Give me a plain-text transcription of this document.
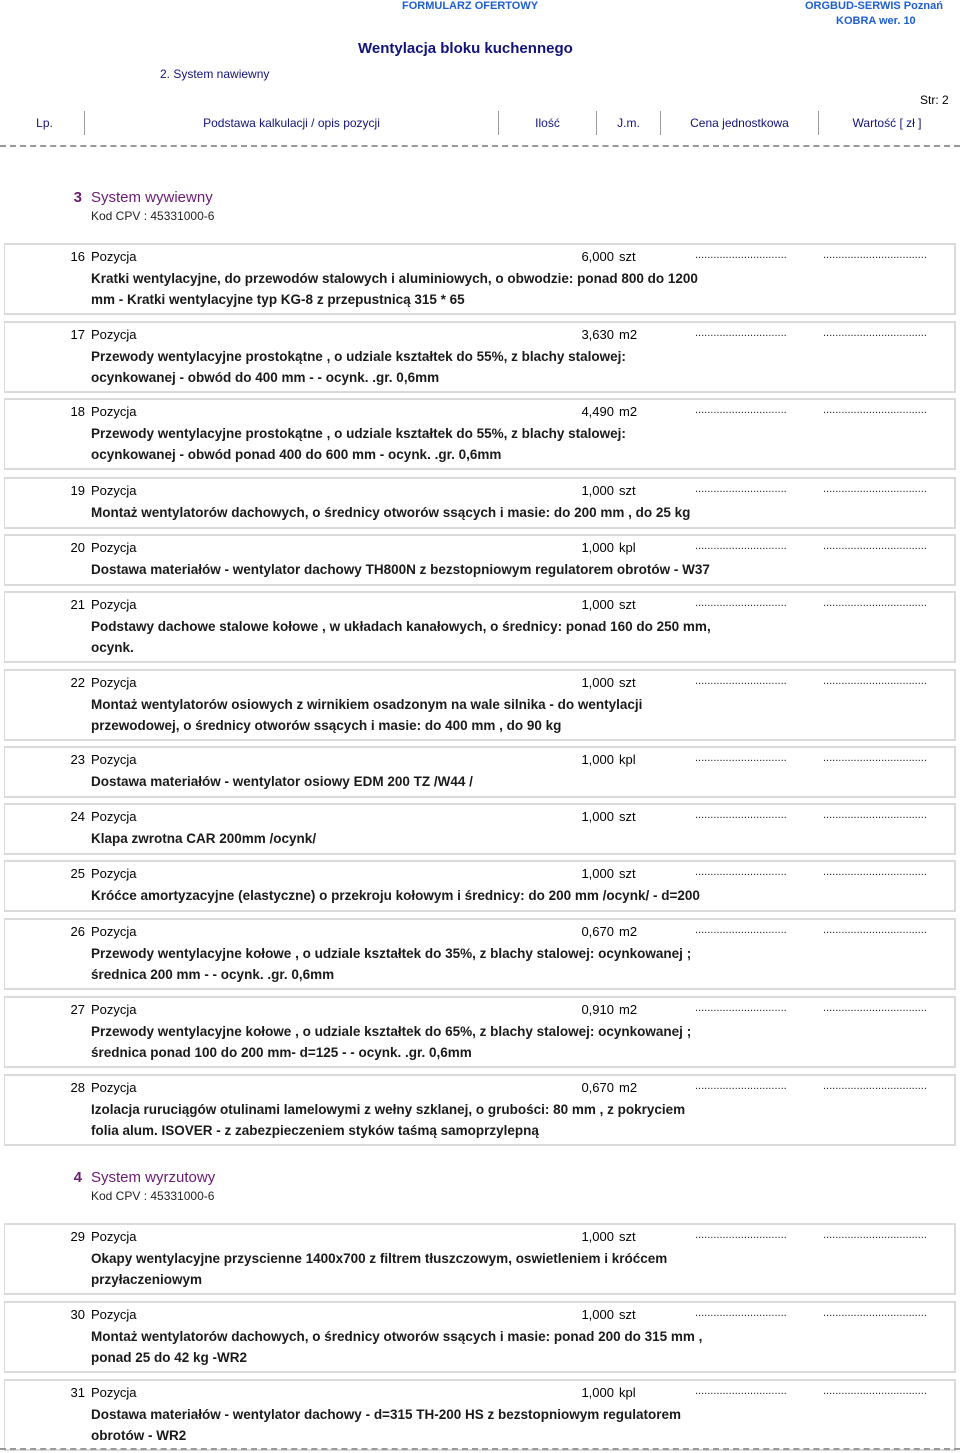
FORMULARZ OFERTOWY	ORGBUD-SERWIS Poznań
KOBRA wer. 10
Wentylacja bloku kuchennego
2. System nawiewny
Str: 2
Lp.	Podstawa kalkulacji / opis pozycji	Ilość	J.m.	Cena jednostkowa	Wartość [ zł ]
3 System wywiewny
Kod CPV : 45331000-6
16 Pozycja	6,000 szt	..............................	..................................
Kratki wentylacyjne, do przewodów stalowych i aluminiowych, o obwodzie: ponad 800 do 1200 mm - Kratki wentylacyjne typ KG-8 z przepustnicą 315 * 65
17 Pozycja	3,630 m2	..............................	..................................
Przewody wentylacyjne prostokątne , o udziale kształtek do 55%, z blachy stalowej: ocynkowanej - obwód do 400 mm - - ocynk. .gr. 0,6mm
18 Pozycja	4,490 m2	..............................	..................................
Przewody wentylacyjne prostokątne , o udziale kształtek do 55%, z blachy stalowej: ocynkowanej - obwód ponad 400 do 600 mm - ocynk. .gr. 0,6mm
19 Pozycja	1,000 szt	..............................	..................................
Montaż wentylatorów dachowych, o średnicy otworów ssących i masie: do 200 mm , do 25 kg
20 Pozycja	1,000 kpl	..............................	..................................
Dostawa materiałów - wentylator dachowy TH800N z bezstopniowym regulatorem obrotów - W37
21 Pozycja	1,000 szt	..............................	..................................
Podstawy dachowe stalowe kołowe , w układach kanałowych, o średnicy: ponad 160 do 250 mm, ocynk.
22 Pozycja	1,000 szt	..............................	..................................
Montaż wentylatorów osiowych z wirnikiem osadzonym na wale silnika - do wentylacji przewodowej, o średnicy otworów ssących i masie: do 400 mm , do 90 kg
23 Pozycja	1,000 kpl	..............................	..................................
Dostawa materiałów - wentylator osiowy EDM 200 TZ /W44 /
24 Pozycja	1,000 szt	..............................	..................................
Klapa zwrotna CAR 200mm /ocynk/
25 Pozycja	1,000 szt	..............................	..................................
Króćce amortyzacyjne (elastyczne) o przekroju kołowym i średnicy: do 200 mm /ocynk/ - d=200
26 Pozycja	0,670 m2	..............................	..................................
Przewody wentylacyjne kołowe , o udziale kształtek do 35%, z blachy stalowej: ocynkowanej ; średnica 200 mm - - ocynk. .gr. 0,6mm
27 Pozycja	0,910 m2	..............................	..................................
Przewody wentylacyjne kołowe , o udziale kształtek do 65%, z blachy stalowej: ocynkowanej ; średnica ponad 100 do 200 mm- d=125 - - ocynk. .gr. 0,6mm
28 Pozycja	0,670 m2	..............................	..................................
Izolacja ruruciągów otulinami lamelowymi z wełny szklanej, o grubości: 80 mm , z pokryciem folia alum. ISOVER - z zabezpieczeniem styków taśmą samoprzylepną
4 System wyrzutowy
Kod CPV : 45331000-6
29 Pozycja	1,000 szt	..............................	..................................
Okapy wentylacyjne przyscienne 1400x700 z filtrem tłuszczowym, oswietleniem i króćcem przyłaczeniowym
30 Pozycja	1,000 szt	..............................	..................................
Montaż wentylatorów dachowych, o średnicy otworów ssących i masie: ponad 200 do 315 mm , ponad 25 do 42 kg -WR2
31 Pozycja	1,000 kpl	..............................	..................................
Dostawa materiałów - wentylator dachowy - d=315 TH-200 HS z bezstopniowym regulatorem obrotów - WR2
